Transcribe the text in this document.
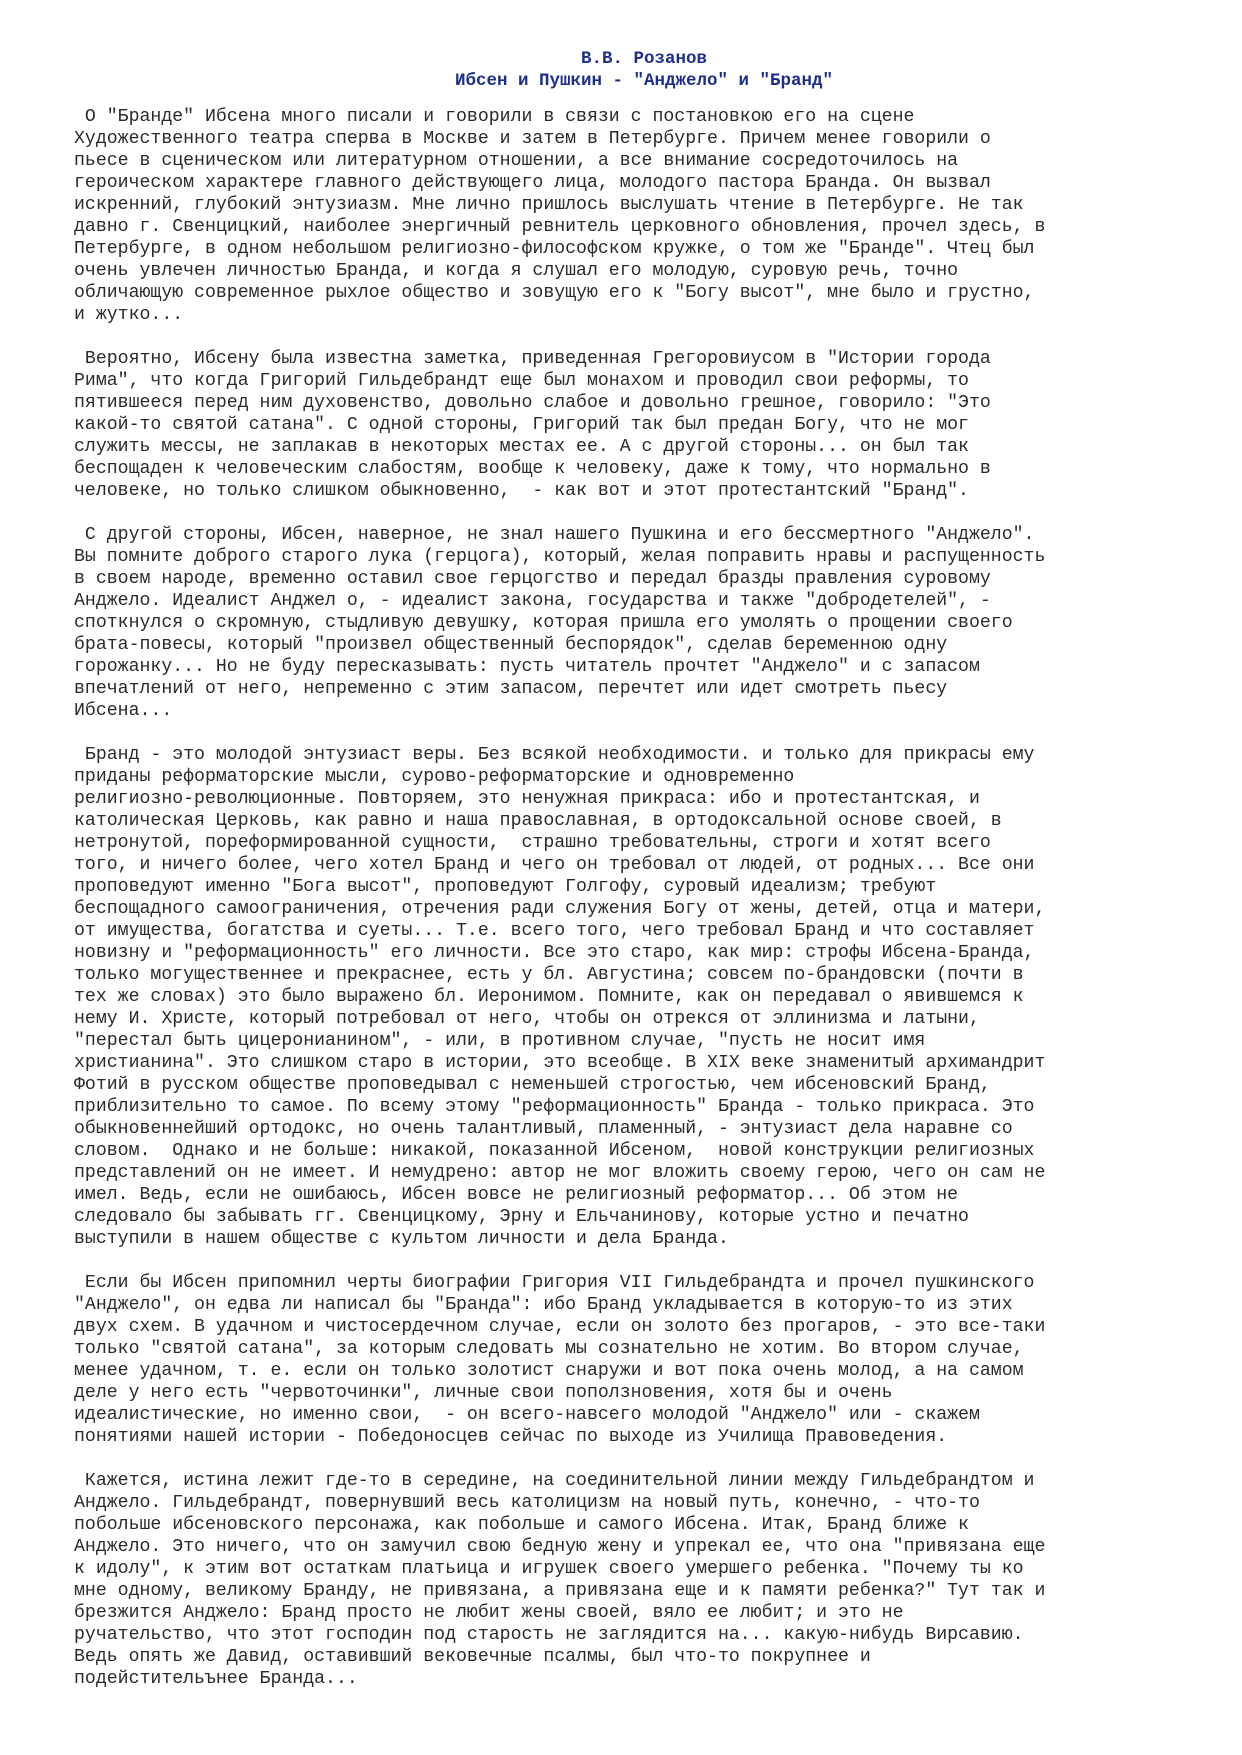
В.В. Розанов
Ибсен и Пушкин - "Анджело" и "Бранд"
О "Бранде" Ибсена много писали и говорили в связи с постановкою его на сцене
Художественного театра сперва в Москве и затем в Петербурге. Причем менее говорили о
пьесе в сценическом или литературном отношении, а все внимание сосредоточилось на
героическом характере главного действующего лица, молодого пастора Бранда. Он вызвал
искренний, глубокий энтузиазм. Мне лично пришлось выслушать чтение в Петербурге. Не так
давно г. Свенцицкий, наиболее энергичный ревнитель церковного обновления, прочел здесь, в
Петербурге, в одном небольшом религиозно-философском кружке, о том же "Бранде". Чтец был
очень увлечен личностью Бранда, и когда я слушал его молодую, суровую речь, точно
обличающую современное рыхлое общество и зовущую его к "Богу высот", мне было и грустно,
и жутко...
Вероятно, Ибсену была известна заметка, приведенная Грегоровиусом в "Истории города
Рима", что когда Григорий Гильдебрандт еще был монахом и проводил свои реформы, то
пятившееся перед ним духовенство, довольно слабое и довольно грешное, говорило: "Это
какой-то святой сатана". С одной стороны, Григорий так был предан Богу, что не мог
служить мессы, не заплакав в некоторых местах ее. А с другой стороны... он был так
беспощаден к человеческим слабостям, вообще к человеку, даже к тому, что нормально в
человеке, но только слишком обыкновенно,  - как вот и этот протестантский "Бранд".
С другой стороны, Ибсен, наверное, не знал нашего Пушкина и его бессмертного "Анджело".
Вы помните доброго старого лука (герцога), который, желая поправить нравы и распущенность
в своем народе, временно оставил свое герцогство и передал бразды правления суровому
Анджело. Идеалист Анджел о, - идеалист закона, государства и также "добродетелей", -
споткнулся о скромную, стыдливую девушку, которая пришла его умолять о прощении своего
брата-повесы, который "произвел общественный беспорядок", сделав беременною одну
горожанку... Но не буду пересказывать: пусть читатель прочтет "Анджело" и с запасом
впечатлений от него, непременно с этим запасом, перечтет или идет смотреть пьесу
Ибсена...
Бранд - это молодой энтузиаст веры. Без всякой необходимости. и только для прикрасы ему
приданы реформаторские мысли, сурово-реформаторские и одновременно
религиозно-революционные. Повторяем, это ненужная прикраса: ибо и протестантская, и
католическая Церковь, как равно и наша православная, в ортодоксальной основе своей, в
нетронутой, пореформированной сущности,  страшно требовательны, строги и хотят всего
того, и ничего более, чего хотел Бранд и чего он требовал от людей, от родных... Все они
проповедуют именно "Бога высот", проповедуют Голгофу, суровый идеализм; требуют
беспощадного самоограничения, отречения ради служения Богу от жены, детей, отца и матери,
от имущества, богатства и суеты... Т.е. всего того, чего требовал Бранд и что составляет
новизну и "реформационность" его личности. Все это старо, как мир: строфы Ибсена-Бранда,
только могущественнее и прекраснее, есть у бл. Августина; совсем по-брандовски (почти в
тех же словах) это было выражено бл. Иеронимом. Помните, как он передавал о явившемся к
нему И. Христе, который потребовал от него, чтобы он отрекся от эллинизма и латыни,
"перестал быть цицеронианином", - или, в противном случае, "пусть не носит имя
христианина". Это слишком старо в истории, это всеобще. В XIX веке знаменитый архимандрит
Фотий в русском обществе проповедывал с неменьшей строгостью, чем ибсеновский Бранд,
приблизительно то самое. По всему этому "реформационность" Бранда - только прикраса. Это
обыкновеннейший ортодокс, но очень талантливый, пламенный, - энтузиаст дела наравне со
словом.  Однако и не больше: никакой, показанной Ибсеном,  новой конструкции религиозных
представлений он не имеет. И немудрено: автор не мог вложить своему герою, чего он сам не
имел. Ведь, если не ошибаюсь, Ибсен вовсе не религиозный реформатор... Об этом не
следовало бы забывать гг. Свенцицкому, Эрну и Ельчанинову, которые устно и печатно
выступили в нашем обществе с культом личности и дела Бранда.
Если бы Ибсен припомнил черты биографии Григория VII Гильдебрандта и прочел пушкинского
"Анджело", он едва ли написал бы "Бранда": ибо Бранд укладывается в которую-то из этих
двух схем. В удачном и чистосердечном случае, если он золото без прогаров, - это все-таки
только "святой сатана", за которым следовать мы сознательно не хотим. Во втором случае,
менее удачном, т. е. если он только золотист снаружи и вот пока очень молод, а на самом
деле у него есть "червоточинки", личные свои поползновения, хотя бы и очень
идеалистические, но именно свои,  - он всего-навсего молодой "Анджело" или - скажем
понятиями нашей истории - Победоносцев сейчас по выходе из Училища Правоведения.
Кажется, истина лежит где-то в середине, на соединительной линии между Гильдебрандтом и
Анджело. Гильдебрандт, повернувший весь католицизм на новый путь, конечно, - что-то
побольше ибсеновского персонажа, как побольше и самого Ибсена. Итак, Бранд ближе к
Анджело. Это ничего, что он замучил свою бедную жену и упрекал ее, что она "привязана еще
к идолу", к этим вот остаткам платьица и игрушек своего умершего ребенка. "Почему ты ко
мне одному, великому Бранду, не привязана, а привязана еще и к памяти ребенка?" Тут так и
брезжится Анджело: Бранд просто не любит жены своей, вяло ее любит; и это не
ручательство, что этот господин под старость не заглядится на... какую-нибудь Вирсавию.
Ведь опять же Давид, оставивший вековечные псалмы, был что-то покрупнее и
подейстительънее Бранда...
